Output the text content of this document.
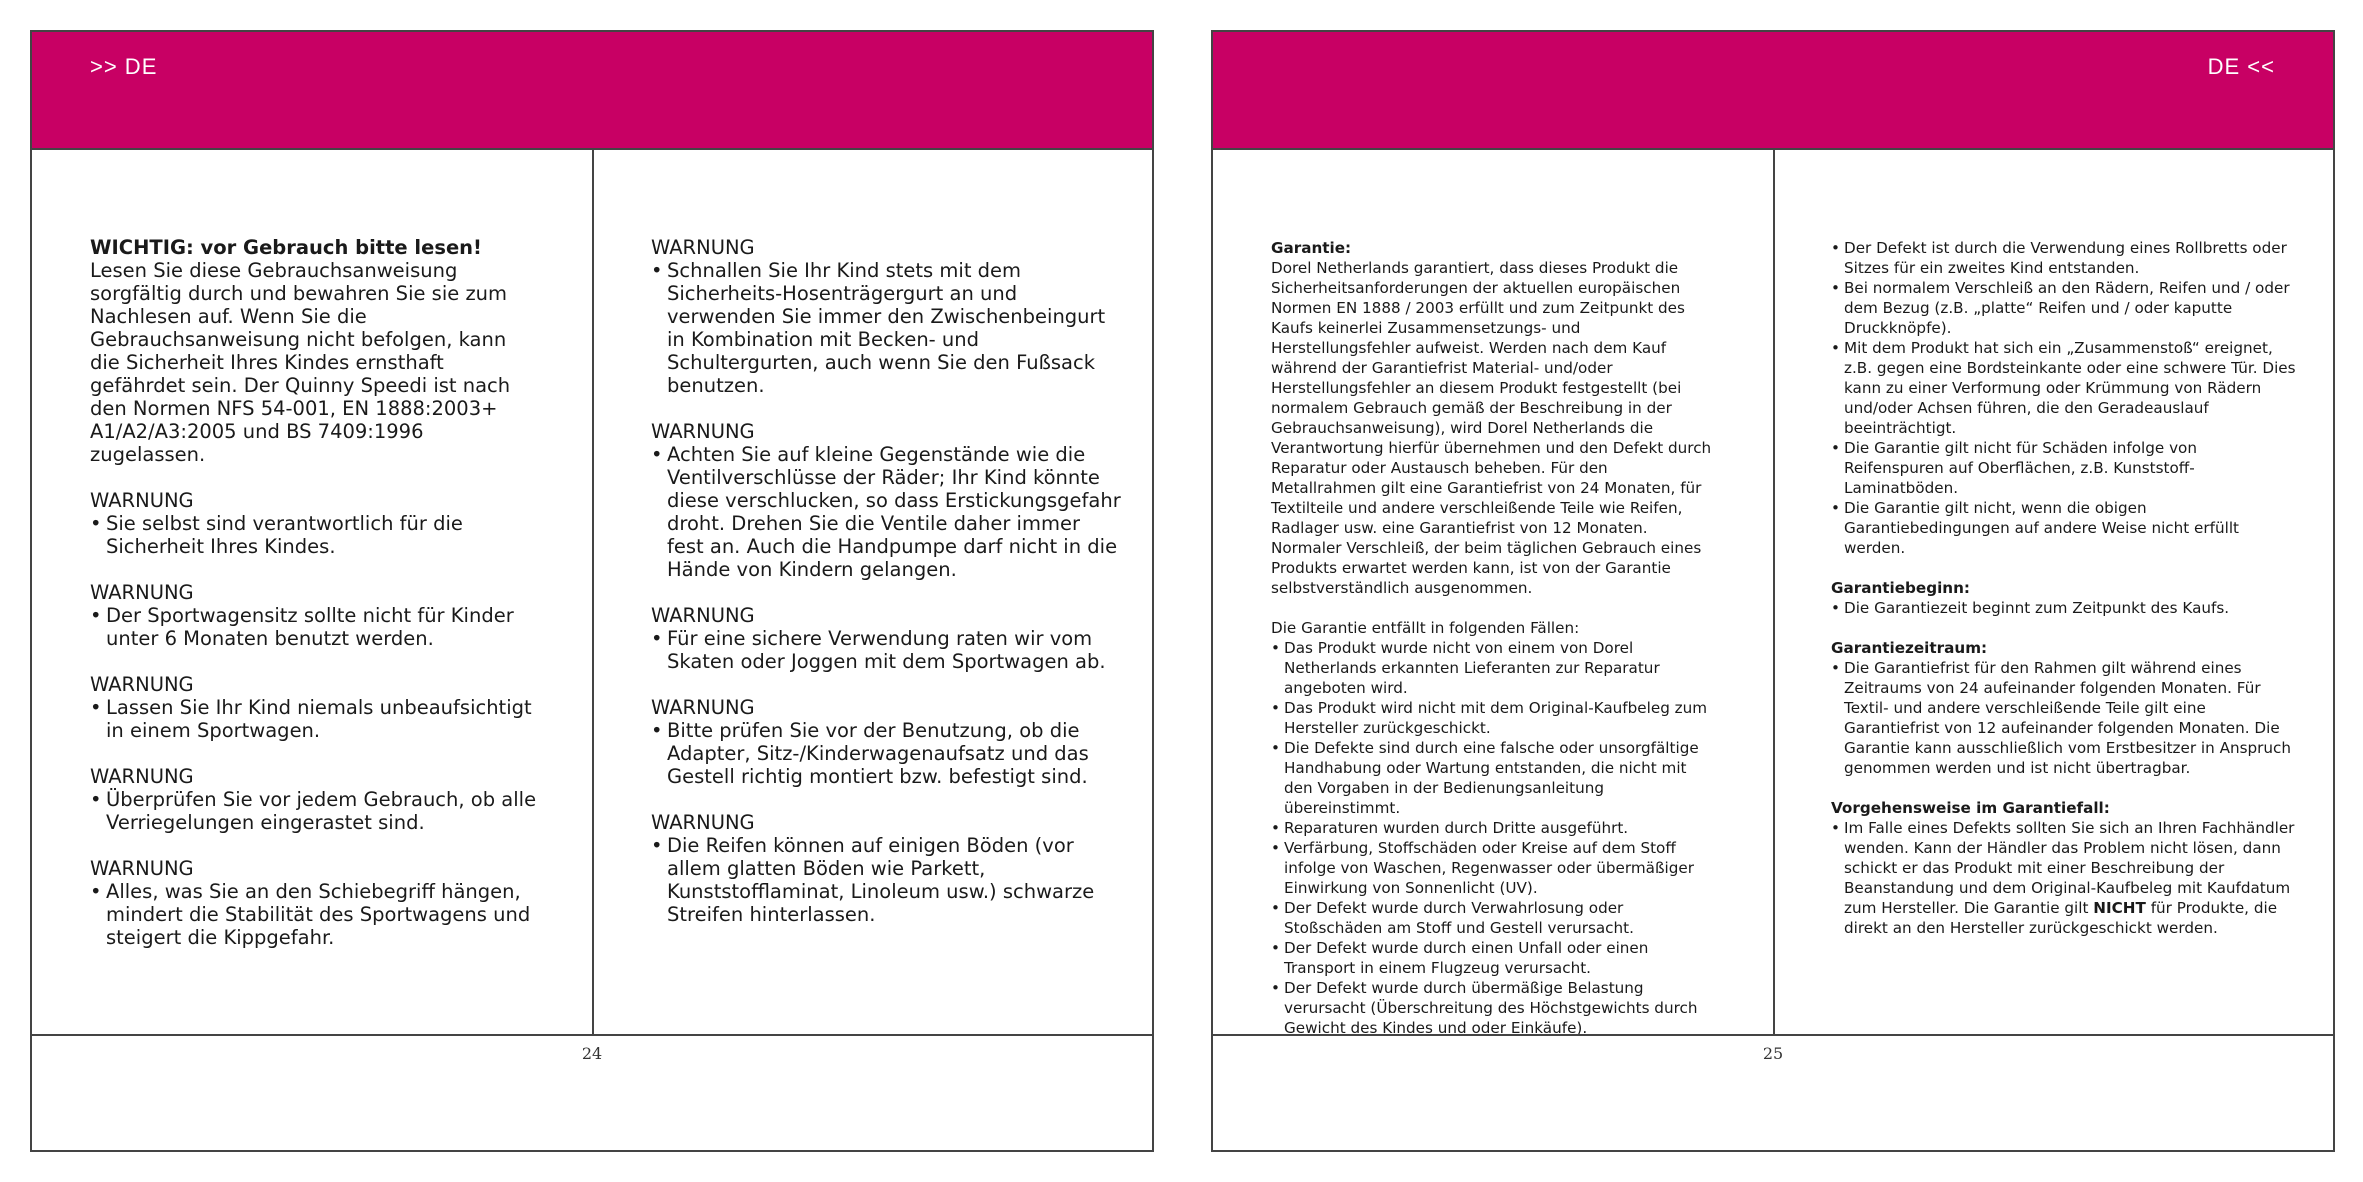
>> DE
WICHTIG: vor Gebrauch bitte lesen!

Lesen Sie diese Gebrauchsanweisung sorgfältig durch und bewahren Sie sie zum Nachlesen auf. Wenn Sie die Gebrauchsanweisung nicht befolgen, kann die Sicherheit Ihres Kindes ernsthaft gefährdet sein. Der Quinny Speedi ist nach den Normen NFS 54-001, EN 1888:2003+ A1/A2/A3:2005 und BS 7409:1996 zugelassen.

WARNUNG
• Sie selbst sind verantwortlich für die Sicherheit Ihres Kindes.
WARNUNG
• Der Sportwagensitz sollte nicht für Kinder unter 6 Monaten benutzt werden.
WARNUNG
• Lassen Sie Ihr Kind niemals unbeaufsichtigt in einem Sportwagen.
WARNUNG
• Überprüfen Sie vor jedem Gebrauch, ob alle Verriegelungen eingerastet sind.
WARNUNG
• Alles, was Sie an den Schiebegriff hängen, mindert die Stabilität des Sportwagens und steigert die Kippgefahr.
WARNUNG
• Schnallen Sie Ihr Kind stets mit dem Sicherheits-Hosenträgergurt an und verwenden Sie immer den Zwischenbeingurt in Kombination mit Becken- und Schultergurten, auch wenn Sie den Fußsack benutzen.
WARNUNG
• Achten Sie auf kleine Gegenstände wie die Ventilverschlüsse der Räder; Ihr Kind könnte diese verschlucken, so dass Erstickungsgefahr droht. Drehen Sie die Ventile daher immer fest an. Auch die Handpumpe darf nicht in die Hände von Kindern gelangen.
WARNUNG
• Für eine sichere Verwendung raten wir vom Skaten oder Joggen mit dem Sportwagen ab.
WARNUNG
• Bitte prüfen Sie vor der Benutzung, ob die Adapter, Sitz-/Kinderwagenaufsatz und das Gestell richtig montiert bzw. befestigt sind.
WARNUNG
• Die Reifen können auf einigen Böden (vor allem glatten Böden wie Parkett, Kunststofflaminat, Linoleum usw.) schwarze Streifen hinterlassen.
24
DE <<
Garantie:

Dorel Netherlands garantiert, dass dieses Produkt die Sicherheitsanforderungen der aktuellen europäischen Normen EN 1888 / 2003 erfüllt und zum Zeitpunkt des Kaufs keinerlei Zusammensetzungs- und Herstellungsfehler aufweist. Werden nach dem Kauf während der Garantiefrist Material- und/oder Herstellungsfehler an diesem Produkt festgestellt (bei normalem Gebrauch gemäß der Beschreibung in der Gebrauchsanweisung), wird Dorel Netherlands die Verantwortung hierfür übernehmen und den Defekt durch Reparatur oder Austausch beheben. Für den Metallrahmen gilt eine Garantiefrist von 24 Monaten, für Textilteile und andere verschleißende Teile wie Reifen, Radlager usw. eine Garantiefrist von 12 Monaten. Normaler Verschleiß, der beim täglichen Gebrauch eines Produkts erwartet werden kann, ist von der Garantie selbstverständlich ausgenommen.

Die Garantie entfällt in folgenden Fällen:
• Das Produkt wurde nicht von einem von Dorel Netherlands erkannten Lieferanten zur Reparatur angeboten wird.
• Das Produkt wird nicht mit dem Original-Kaufbeleg zum Hersteller zurückgeschickt.
• Die Defekte sind durch eine falsche oder unsorgfältige Handhabung oder Wartung entstanden, die nicht mit den Vorgaben in der Bedienungsanleitung übereinstimmt.
• Reparaturen wurden durch Dritte ausgeführt.
• Verfärbung, Stoffschäden oder Kreise auf dem Stoff infolge von Waschen, Regenwasser oder übermäßiger Einwirkung von Sonnenlicht (UV).
• Der Defekt wurde durch Verwahrlosung oder Stoßschäden am Stoff und Gestell verursacht.
• Der Defekt wurde durch einen Unfall oder einen Transport in einem Flugzeug verursacht.
• Der Defekt wurde durch übermäßige Belastung verursacht (Überschreitung des Höchstgewichts durch Gewicht des Kindes und oder Einkäufe).
• Der Defekt ist durch die Verwendung eines Rollbretts oder Sitzes für ein zweites Kind entstanden.
• Bei normalem Verschleiß an den Rädern, Reifen und / oder dem Bezug (z.B. „platte“ Reifen und / oder kaputte Druckknöpfe).
• Mit dem Produkt hat sich ein „Zusammenstoß“ ereignet, z.B. gegen eine Bordsteinkante oder eine schwere Tür. Dies kann zu einer Verformung oder Krümmung von Rädern und/oder Achsen führen, die den Geradeauslauf beeinträchtigt.
• Die Garantie gilt nicht für Schäden infolge von Reifenspuren auf Oberflächen, z.B. Kunststoff-Laminatböden.
• Die Garantie gilt nicht, wenn die obigen Garantiebedingungen auf andere Weise nicht erfüllt werden.
Garantiebeginn:
• Die Garantiezeit beginnt zum Zeitpunkt des Kaufs.
Garantiezeitraum:
• Die Garantiefrist für den Rahmen gilt während eines Zeitraums von 24 aufeinander folgenden Monaten. Für Textil- und andere verschleißende Teile gilt eine Garantiefrist von 12 aufeinander folgenden Monaten. Die Garantie kann ausschließlich vom Erstbesitzer in Anspruch genommen werden und ist nicht übertragbar.
Vorgehensweise im Garantiefall:
• Im Falle eines Defekts sollten Sie sich an Ihren Fachhändler wenden. Kann der Händler das Problem nicht lösen, dann schickt er das Produkt mit einer Beschreibung der Beanstandung und dem Original-Kaufbeleg mit Kaufdatum zum Hersteller. Die Garantie gilt NICHT für Produkte, die direkt an den Hersteller zurückgeschickt werden.
25
